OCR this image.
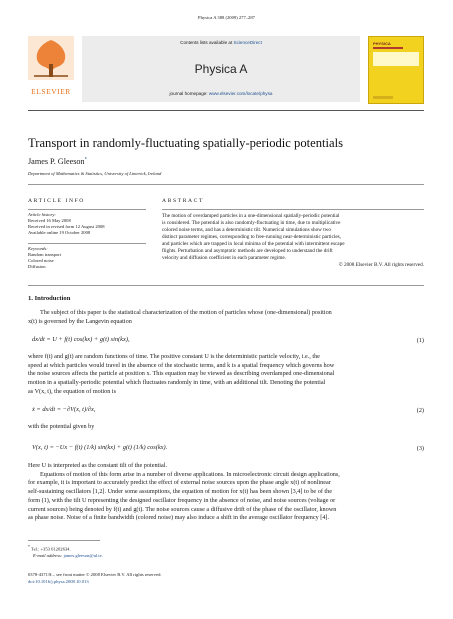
Physica A 388 (2009) 277–287
ELSEVIER
Contents lists available at ScienceDirect
Physica A
journal homepage: www.elsevier.com/locate/physa
PHYSICA
Transport in randomly-fluctuating spatially-periodic potentials
James P. Gleeson*
Department of Mathematics & Statistics, University of Limerick, Ireland
ARTICLE INFO
Article history:
Received 16 May 2008
Received in revised form 12 August 2008
Available online 19 October 2008
Keywords:
Random transport
Colored noise
Diffusion
ABSTRACT
The motion of overdamped particles in a one-dimensional spatially-periodic potential
is considered. The potential is also randomly-fluctuating in time, due to multiplicative
colored noise terms, and has a deterministic tilt. Numerical simulations show two
distinct parameter regimes, corresponding to free-running near-deterministic particles,
and particles which are trapped in local minima of the potential with intermittent escape
flights. Perturbation and asymptotic methods are developed to understand the drift
velocity and diffusion coefficient in each parameter regime.
© 2008 Elsevier B.V. All rights reserved.
1. Introduction
The subject of this paper is the statistical characterization of the motion of particles whose (one-dimensional) position
x(t) is governed by the Langevin equation
dx/dt = U + f(t) cos(kx) + g(t) sin(kx),	(1)
where f(t) and g(t) are random functions of time. The positive constant U is the deterministic particle velocity, i.e., the
speed at which particles would travel in the absence of the stochastic terms, and k is a spatial frequency which governs how
the noise sources affects the particle at position x. This equation may be viewed as describing overdamped one-dimensional
motion in a spatially-periodic potential which fluctuates randomly in time, with an additional tilt. Denoting the potential
as V(x, t), the equation of motion is
ẋ = dx/dt = −∂V(x, t)/∂x,	(2)
with the potential given by
V(x, t) = −Ux − f(t) (1/k) sin(kx) + g(t) (1/k) cos(kx).	(3)
Here U is interpreted as the constant tilt of the potential.
Equations of motion of this form arise in a number of diverse applications. In microelectronic circuit design applications,
for example, it is important to accurately predict the effect of external noise sources upon the phase angle x(t) of nonlinear
self-sustaining oscillators [1,2]. Under some assumptions, the equation of motion for x(t) has been shown [3,4] to be of the
form (1), with the tilt U representing the designed oscillator frequency in the absence of noise, and noise sources (voltage or
current sources) being denoted by f(t) and g(t). The noise sources cause a diffusive drift of the phase of the oscillator, known
as phase noise. Noise of a finite bandwidth (colored noise) may also induce a shift in the average oscillator frequency [4].
* Tel.: +353 61202634.
E-mail address: james.gleeson@ul.ie.
0378-4371/$ – see front matter © 2008 Elsevier B.V. All rights reserved.
doi:10.1016/j.physa.2008.10.013
